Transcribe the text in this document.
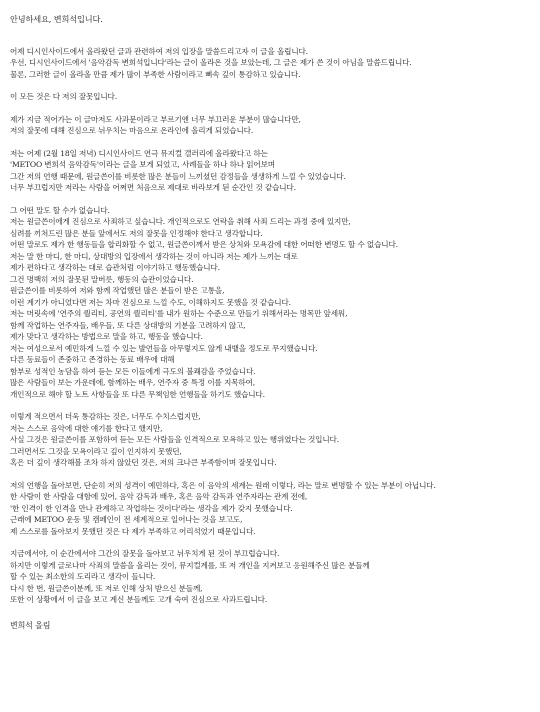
안녕하세요, 변희석입니다.
어제 디시인사이드에서 올라왔던 글과 관련하여 저의 입장을 말씀드리고자 이 글을 올립니다.
우선, 디시인사이드에서 '음악감독 변희석입니다'라는 글이 올라온 것을 보았는데, 그 글은 제가 쓴 것이 아님을 말씀드립니다.
물론, 그러한 글이 올라올 만큼 제가 많이 부족한 사람이라고 뼈속 깊이 통감하고 있습니다.
이 모든 것은 다 저의 잘못입니다.
제가 지금 적어가는 이 글마저도 사과문이라고 부르기엔 너무 부끄러운 부분이 많습니다만,
저의 잘못에 대해 진심으로 뉘우치는 마음으로 온라인에 올리게 되었습니다.
저는 어제 (2월 18일 저녁) 디시인사이드 연극 뮤지컬 갤러리에 올라왔다고 하는
'METOO 변희석 음악감독'이라는 글을 보게 되었고, 사례들을 하나 하나 읽어보며
그간 저의 언행 때문에, 원글쓴이를 비롯한 많은 분들이 느끼셨던 감정들을 생생하게 느낄 수 있었습니다.
너무 부끄럽지만 저라는 사람을 어쩌면 처음으로 제대로 바라보게 된 순간인 것 같습니다.
그 어떤 말도 할 수가 없습니다.
저는 원글쓴이에게 진심으로 사죄하고 싶습니다. 개인적으로도 연락을 취해 사죄 드리는 과정 중에 있지만,
심려를 끼쳐드린 많은 분들 앞에서도 저의 잘못을 인정해야 한다고 생각합니다.
어떤 말로도 제가 한 행동들을 합리화할 수 없고, 원글쓴이께서 받은 상처와 모욕감에 대한 어떠한 변명도 할 수 없습니다.
저는 말 한 마디, 한 마디, 상대방의 입장에서 생각하는 것이 아니라 저는 제가 느끼는 대로
제가 편하다고 생각하는 대로 습관처럼 이야기하고 행동했습니다.
그건 명백히 저의 잘못된 말버릇, 행동의 습관이었습니다.
원글쓴이를 비롯하여 저와 함께 작업했던 많은 분들이 받은 고통을,
이런 계기가 아니었다면 저는 차마 진심으로 느낄 수도, 이해하지도 못했을 것 같습니다.
저는 머릿속에 '연주의 퀄리티, 공연의 퀄리티'를 내가 원하는 수준으로 만들기 위해서라는 명목만 앞세워,
함께 작업하는 연주자들, 배우들, 또 다른 상대방의 기분을 고려하지 않고,
제가 맞다고 생각하는 방법으로 말을 하고, 행동을 했습니다.
저는 여성으로서 예민하게 느낄 수 있는 발언들을 아무렇지도 않게 내뱉을 정도로 무지했습니다.
다른 동료들이 존중하고 존경하는 동료 배우에 대해
함부로 성적인 농담을 하여 듣는 모든 이들에게 극도의 불쾌감을 주었습니다.
많은 사람들이 보는 가운데에, 함께하는 배우, 연주자 중 특정 이를 지목하여,
개인적으로 해야 할 노트 사항들을 또 다른 무책임한 언행들을 하기도 했습니다.
이렇게 적으면서 더욱 통감하는 것은, 너무도 수치스럽지만,
저는 스스로 음악에 대한 얘기를 한다고 했지만,
사실 그것은 원글쓴이를 포함하여 듣는 모든 사람들을 인격적으로 모욕하고 있는 행위였다는 것입니다.
그러면서도 그것을 모욕이라고 깊이 인지하지 못했던,
혹은 더 깊이 생각해볼 조차 하지 않았던 것은, 저의 크나큰 부족함이며 잘못입니다.
저의 언행을 돌아보면, 단순히 저의 성격이 예민하다, 혹은 이 음악의 세계는 원래 이렇다, 라는 말로 변명할 수 있는 부분이 아닙니다.
한 사람이 한 사람을 대함에 있어, 음악 감독과 배우, 혹은 음악 감독과 연주자라는 관계 전에,
'한 인격이 한 인격을 만나 관계하고 작업하는 것이다'라는 생각을 제가 갖지 못했습니다.
근래에 METOO 운동 및 캠페인이 전 세계적으로 일어나는 것을 보고도,
제 스스로를 돌아보지 못했던 것은 다 제가 부족하고 어리석었기 때문입니다.
지금에서야, 이 순간에서야 그간의 잘못을 돌아보고 뉘우치게 된 것이 부끄럽습니다.
하지만 이렇게 글로나마 사죄의 말씀을 올리는 것이, 뮤지컬계를, 또 저 개인을 지켜보고 응원해주신 많은 분들께
할 수 있는 최소한의 도리라고 생각이 들니다.
다시 한 번, 원글쓴이분께, 또 저로 인해 상처 받으신 분들께,
또한 이 상황에서 이 글을 보고 계신 분들께도 고개 숙여 진심으로 사과드립니다.
변희석 올림
